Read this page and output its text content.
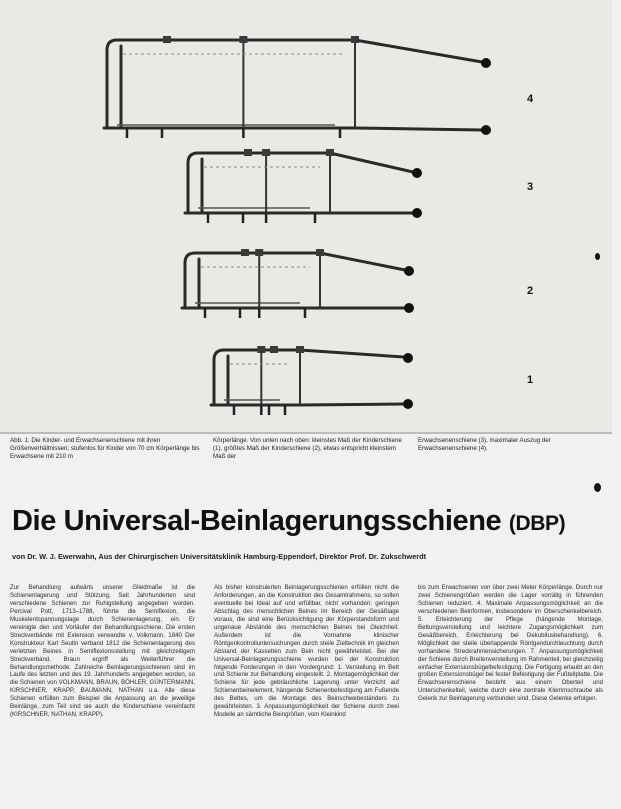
4
3
2
1
Abb. 1: Die Kinder- und Erwachsenenschiene mit ihren Größenverhältnissen; stufenlos für Kinder von 70 cm Körperlänge bis Erwachsene mit 210 m
Körperlänge. Von unten nach oben: kleinstes Maß der Kinderschiene (1), größtes Maß der Kinderschiene (2), etwas entspricht kleinstem Maß der
Erwachsenenschiene (3), maximaler Auszug der Erwachsenenschiene (4).
Die Universal-Beinlagerungsschiene (DBP)
von Dr. W. J. Ewerwahn, Aus der Chirurgischen Universitätsklinik Hamburg-Eppendorf, Direktor Prof. Dr. Zukschwerdt

Zur Behandlung aufwärts unserer Gliedmaße ist die Schienenlagerung und Stützung, Seit Jahrhunderten sind verschiedene Schienen zur Ruhigstellung angegeben worden. Percival Pott, 1713–1788, führte die Semiflexion, die Muskelentspannungslage durch Schienenlagerung, ein. Er vereinigte den und Vorläufer der Behandlungsschiene. Die ersten Streckverbände mit Extension verwandte v. Volkmann. 1840 Der Konstrukteur Karl Seutin verband 1812 die Schienenlagerung des verletzten Beines in Semiflexionsstellung mit gleichzeitigem Streckverband. Braun ergriff als Weiterführer die Behandlungsmethode. Zahlreiche Beinlagerungsschienen sind im Laufe des letzten und des 19. Jahrhunderts angegeben worden, so die Schienen von VOLKMANN, BRAUN, BÖHLER, GÜNTERMANN, KIRSCHNER, KRAPP, BAUMANN, NATHAN u.a. Alle diese Schienen erfüllen zum Beispiel die Anpassung an die jeweilige Beinlänge, zum Teil sind sie auch die Kinderschiene vereinfacht (KIRSCHNER, NATHAN, KRAPP).

Als bisher konstruierten Beinlagerungsschienen erfüllen nicht die Anforderungen, an die Konstruktion des Gesamtrahmens, so sollen eventuelle bei Ideal auf und erfüllbar, nicht vorhanden: geringen Abschlag des menschlichen Beines im Bereich der Gesäßlage voraus, die sind eine Berücksichtigung der Körperstandsform und ungenaue Abstände des menschlichen Beines bei Gleichheit. Außerdem ist die Vornahme klinischer Röntgenkontrolluntersuchungen durch steile Zieltechnik im gleichen Abstand der Kassetten zum Bein nicht gewährleistet. Bei der Universal-Beinlagerungsschiene wurden bei der Konstruktion folgende Forderungen in den Vordergrund: 1. Verstellung im Bett und Schiene zur Behandlung eingestellt. 2. Montagemöglichkeit der Schiene für jede gebräuchliche Lagerung unter Verzicht auf Schienenbeinelement, hängende Schienenbefestigung am Fußende des Bettes, um die Montage des Beinschwebeständers zu gewährleisten. 3. Anpassungsmöglichkeit der Schiene durch zwei Modelle an sämtliche Beingrößen, vom Kleinkind

bis zum Erwachsenen von über zwei Meter Körperlänge. Durch nur zwei Schienengrößen werden die Lager vorrätig in führenden Schienen reduziert. 4. Maximale Anpassungsmöglichkeit an die verschiedenen Beinformen, insbesondere im Oberschenkelbereich. 5. Erleichterung der Pflege (hängende Montage, Bettungsverstellung und leichtere Zugangsmöglichkeit zum Gesäßbereich, Erleichterung bei Dekubitusbehandlung). 6. Möglichkeit der steile überlappende Röntgendurchleuchtung durch vorhandene Streckrahmensicherungen. 7. Anpassungsmöglichkeit der Schiene durch Breitenverstellung im Rahmenteil, bei gleichzeitig einfacher Extensionsbügelbefestigung. Die Fertigung erlaubt an den großen Extensionsbügel bei fester Befestigung der Fußteilplatte. Die Erwachsenenschiene besteht aus einem Oberteil und Unterschenkelteil, welche durch eine zentrale Klemmschraube als Gelenk zur Beinlagerung verbunden sind. Diese Gelenke erfolgen.
